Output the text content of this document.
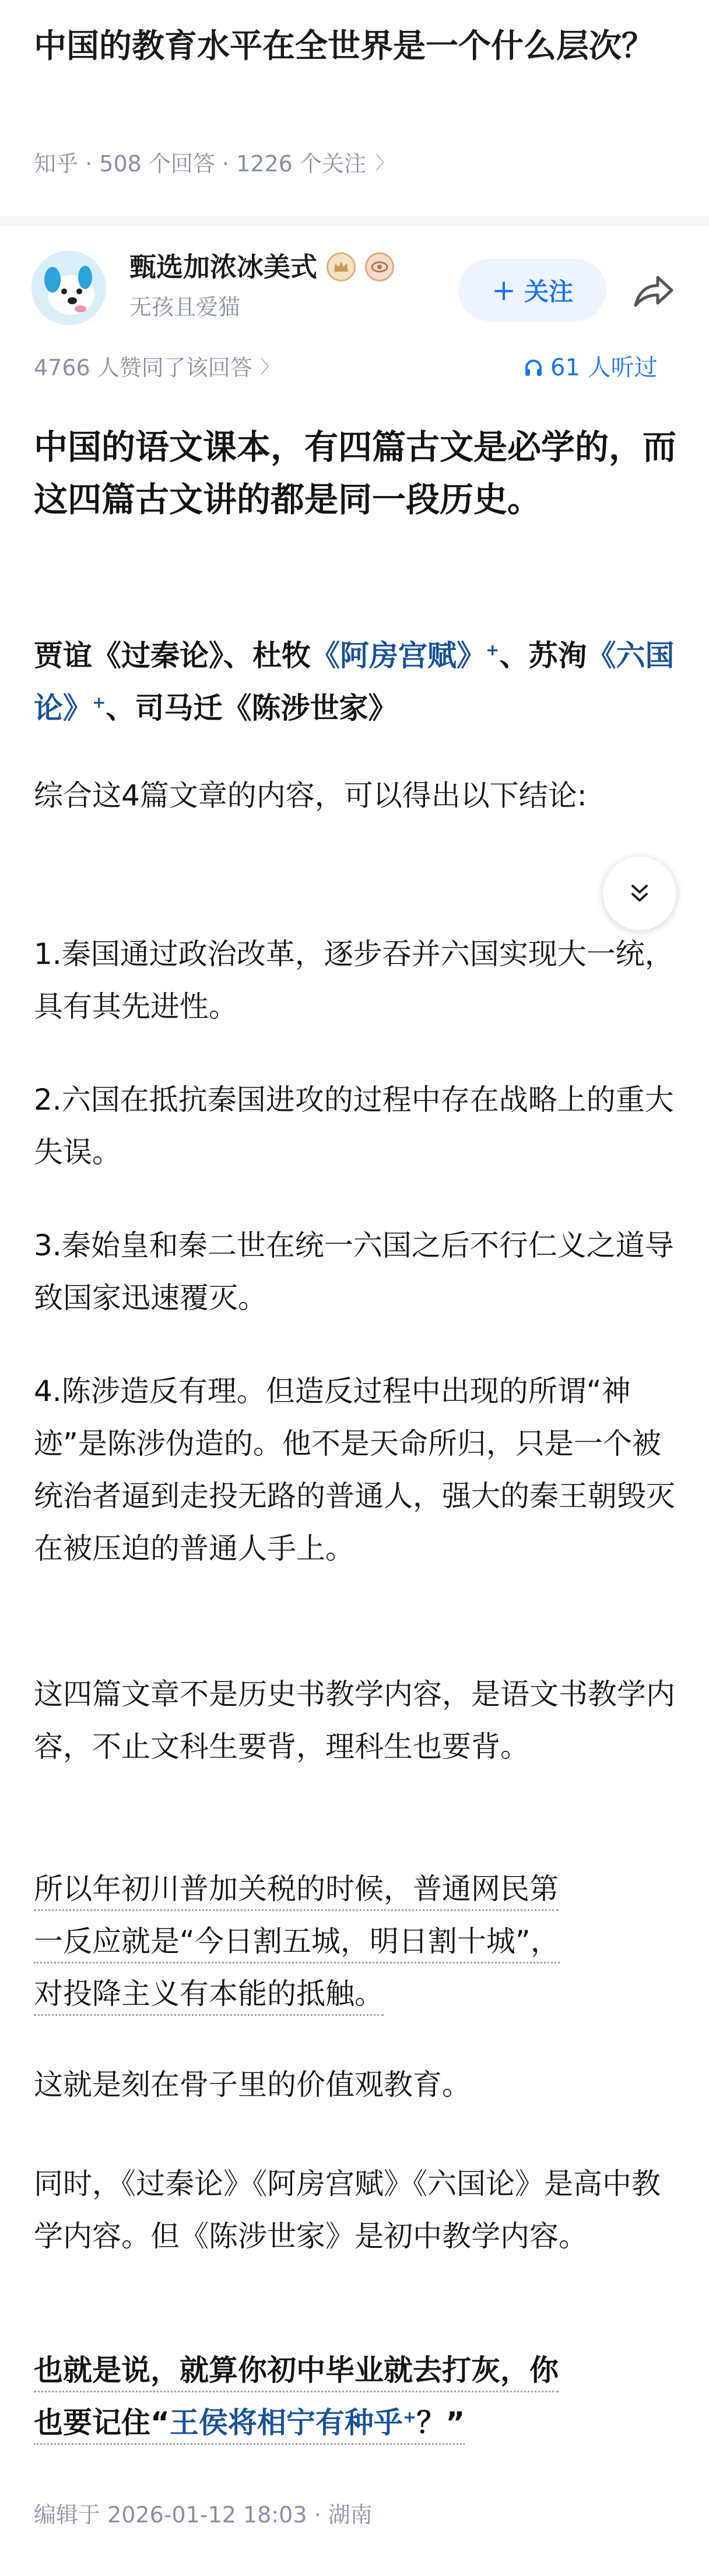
中国的教育水平在全世界是一个什么层次？
知乎 · 508 个回答 · 1226 个关注 〉
甄选加浓冰美式
无孩且爱猫	+ 关注
4766 人赞同了该回答 〉	61 人听过

中国的语文课本，有四篇古文是必学的，而这四篇古文讲的都是同一段历史。

贾谊《过秦论》、杜牧《阿房宫赋》+、苏洵《六国论》+、司马迁《陈涉世家》

综合这4篇文章的内容，可以得出以下结论:

1.秦国通过政治改革，逐步吞并六国实现大一统，具有其先进性。

2.六国在抵抗秦国进攻的过程中存在战略上的重大失误。

3.秦始皇和秦二世在统一六国之后不行仁义之道导致国家迅速覆灭。

4.陈涉造反有理。但造反过程中出现的所谓“神迹”是陈涉伪造的。他不是天命所归，只是一个被统治者逼到走投无路的普通人，强大的秦王朝毁灭在被压迫的普通人手上。

这四篇文章不是历史书教学内容，是语文书教学内容，不止文科生要背，理科生也要背。

所以年初川普加关税的时候，普通网民第
一反应就是“今日割五城，明日割十城”，
对投降主义有本能的抵触。

这就是刻在骨子里的价值观教育。

同时，《过秦论》《阿房宫赋》《六国论》是高中教学内容。但《陈涉世家》是初中教学内容。

也就是说，就算你初中毕业就去打灰，你
也要记住“王侯将相宁有种乎+？”
编辑于 2026-01-12 18:03 · 湖南
